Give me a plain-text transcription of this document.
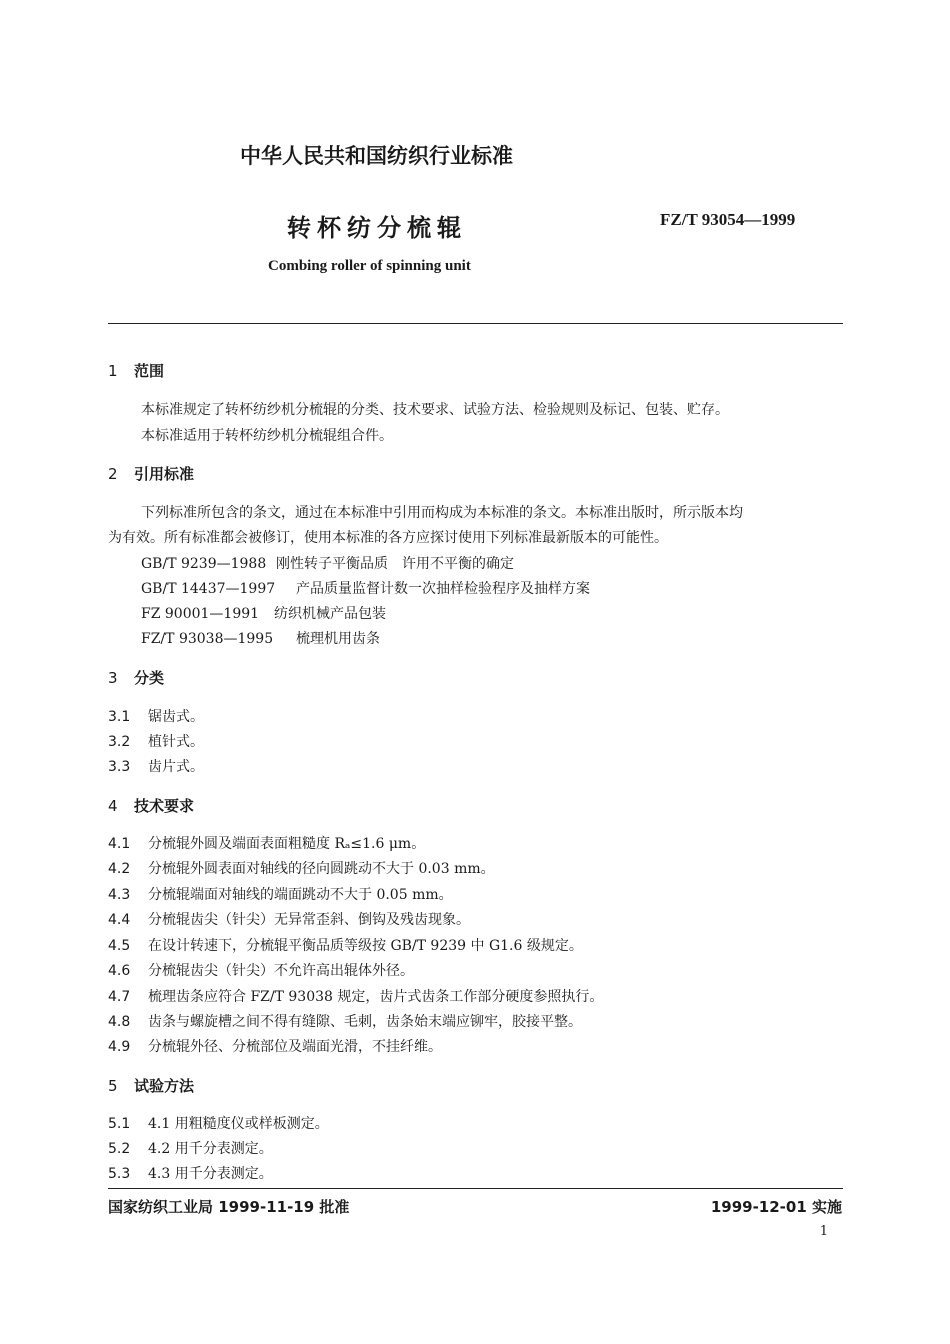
中华人民共和国纺织行业标准
转杯纺分梳辊	FZ/T 93054—1999
Combing roller of spinning unit
1 范围
本标准规定了转杯纺纱机分梳辊的分类、技术要求、试验方法、检验规则及标记、包装、贮存。
本标准适用于转杯纺纱机分梳辊组合件。
2 引用标准
下列标准所包含的条文，通过在本标准中引用而构成为本标准的条文。本标准出版时，所示版本均
为有效。所有标准都会被修订，使用本标准的各方应探讨使用下列标准最新版本的可能性。
GB/T 9239—1988 刚性转子平衡品质　许用不平衡的确定
GB/T 14437—1997 产品质量监督计数一次抽样检验程序及抽样方案
FZ 90001—1991 纺织机械产品包装
FZ/T 93038—1995 梳理机用齿条
3 分类
3.1 锯齿式。
3.2 植针式。
3.3 齿片式。
4 技术要求
4.1 分梳辊外圆及端面表面粗糙度 Rₐ≤1.6 μm。
4.2 分梳辊外圆表面对轴线的径向圆跳动不大于 0.03 mm。
4.3 分梳辊端面对轴线的端面跳动不大于 0.05 mm。
4.4 分梳辊齿尖（针尖）无异常歪斜、倒钩及残齿现象。
4.5 在设计转速下，分梳辊平衡品质等级按 GB/T 9239 中 G1.6 级规定。
4.6 分梳辊齿尖（针尖）不允许高出辊体外径。
4.7 梳理齿条应符合 FZ/T 93038 规定，齿片式齿条工作部分硬度参照执行。
4.8 齿条与螺旋槽之间不得有缝隙、毛刺，齿条始末端应铆牢，胶接平整。
4.9 分梳辊外径、分梳部位及端面光滑，不挂纤维。
5 试验方法
5.1 4.1 用粗糙度仪或样板测定。
5.2 4.2 用千分表测定。
5.3 4.3 用千分表测定。
国家纺织工业局 1999-11-19 批准	1999-12-01 实施
1
